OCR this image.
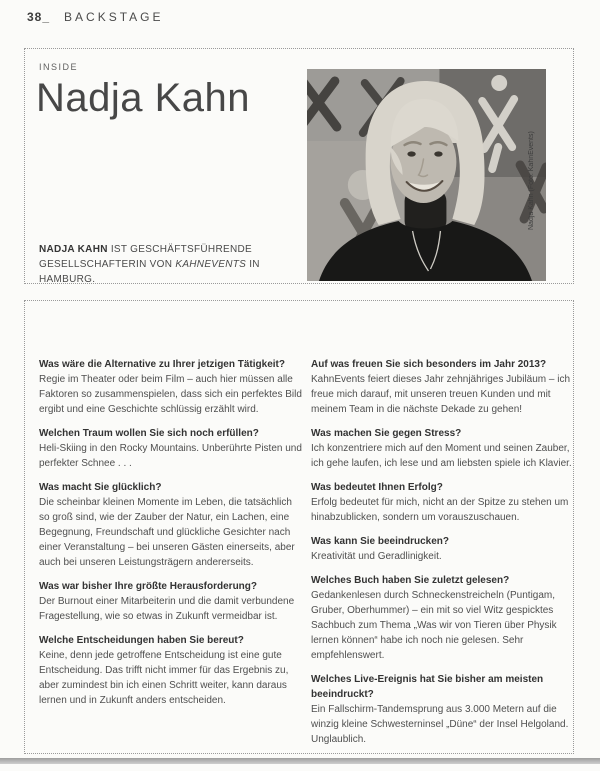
38_ BACKSTAGE
INSIDE
Nadja Kahn

NADJA KAHN IST GESCHÄFTSFÜHRENDE GESELLSCHAFTERIN VON KAHNEVENTS IN HAMBURG.

Nadja Kahn (Foto: KahnEvents)

Was wäre die Alternative zu Ihrer jetzigen Tätigkeit?

Regie im Theater oder beim Film – auch hier müssen alle Faktoren so zusammenspielen, dass sich ein perfektes Bild ergibt und eine Geschichte schlüssig erzählt wird.

Welchen Traum wollen Sie sich noch erfüllen?

Heli-Skiing in den Rocky Mountains. Unberührte Pisten und perfekter Schnee . . .

Was macht Sie glücklich?

Die scheinbar kleinen Momente im Leben, die tatsächlich so groß sind, wie der Zauber der Natur, ein Lachen, eine Begegnung, Freundschaft und glückliche Gesichter nach einer Veranstaltung – bei unseren Gästen einerseits, aber auch bei unseren Leistungsträgern andererseits.

Was war bisher Ihre größte Herausforderung?

Der Burnout einer Mitarbeiterin und die damit verbundene Fragestellung, wie so etwas in Zukunft vermeidbar ist.

Welche Entscheidungen haben Sie bereut?

Keine, denn jede getroffene Entscheidung ist eine gute Entscheidung. Das trifft nicht immer für das Ergebnis zu, aber zumindest bin ich einen Schritt weiter, kann daraus lernen und in Zukunft anders entscheiden.

Auf was freuen Sie sich besonders im Jahr 2013?

KahnEvents feiert dieses Jahr zehnjähriges Jubiläum – ich freue mich darauf, mit unseren treuen Kunden und mit meinem Team in die nächste Dekade zu gehen!

Was machen Sie gegen Stress?

Ich konzentriere mich auf den Moment und seinen Zauber, ich gehe laufen, ich lese und am liebsten spiele ich Klavier.

Was bedeutet Ihnen Erfolg?

Erfolg bedeutet für mich, nicht an der Spitze zu stehen um hinabzublicken, sondern um vorauszuschauen.

Was kann Sie beeindrucken?

Kreativität und Geradlinigkeit.

Welches Buch haben Sie zuletzt gelesen?

Gedankenlesen durch Schneckenstreicheln (Puntigam, Gruber, Oberhummer) – ein mit so viel Witz gespicktes Sachbuch zum Thema „Was wir von Tieren über Physik lernen können“ habe ich noch nie gelesen. Sehr empfehlenswert.

Welches Live-Ereignis hat Sie bisher am meisten beeindruckt?

Ein Fallschirm-Tandemsprung aus 3.000 Metern auf die winzig kleine Schwesterninsel „Düne“ der Insel Helgoland. Unglaublich.
